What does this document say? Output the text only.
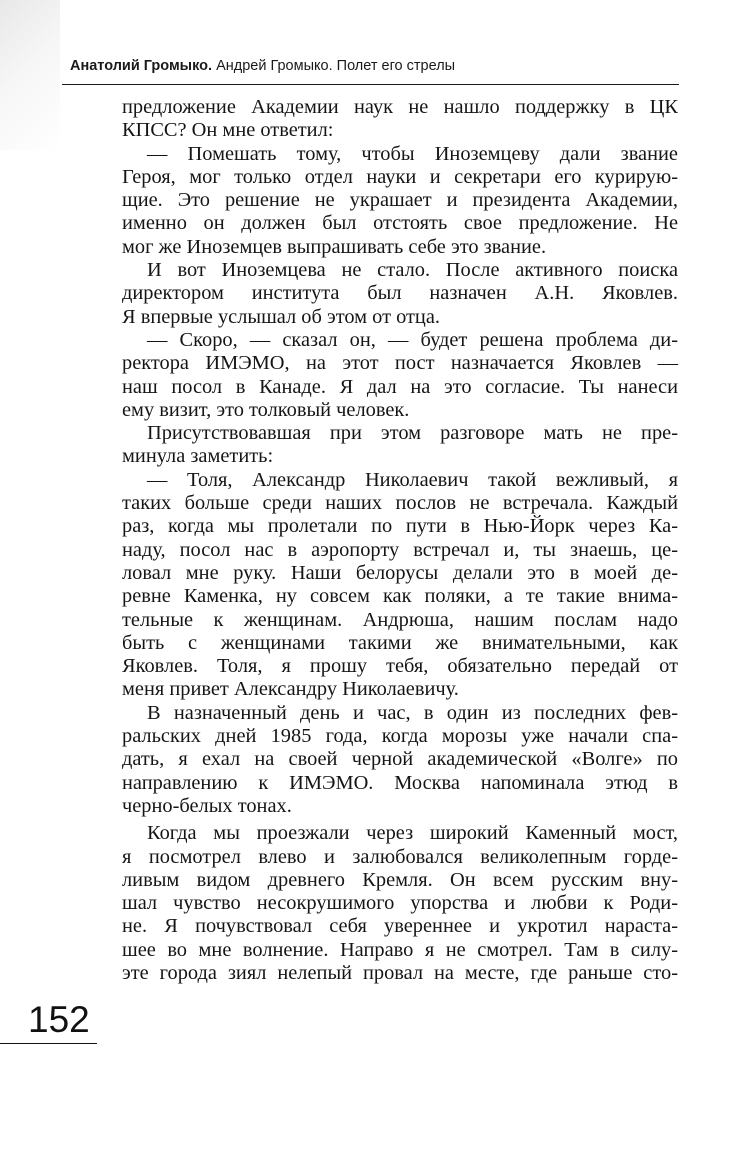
Анатолий Громыко. Андрей Громыко. Полет его стрелы
предложение Академии наук не нашло поддержку в ЦК
КПСС? Он мне ответил:
— Помешать тому, чтобы Иноземцеву дали звание
Героя, мог только отдел науки и секретари его курирую-
щие. Это решение не украшает и президента Академии,
именно он должен был отстоять свое предложение. Не
мог же Иноземцев выпрашивать себе это звание.
И вот Иноземцева не стало. После активного поиска
директором института был назначен А.Н. Яковлев.
Я впервые услышал об этом от отца.
— Скоро, — сказал он, — будет решена проблема ди-
ректора ИМЭМО, на этот пост назначается Яковлев —
наш посол в Канаде. Я дал на это согласие. Ты нанеси
ему визит, это толковый человек.
Присутствовавшая при этом разговоре мать не пре-
минула заметить:
— Толя, Александр Николаевич такой вежливый, я
таких больше среди наших послов не встречала. Каждый
раз, когда мы пролетали по пути в Нью-Йорк через Ка-
наду, посол нас в аэропорту встречал и, ты знаешь, це-
ловал мне руку. Наши белорусы делали это в моей де-
ревне Каменка, ну совсем как поляки, а те такие внима-
тельные к женщинам. Андрюша, нашим послам надо
быть с женщинами такими же внимательными, как
Яковлев. Толя, я прошу тебя, обязательно передай от
меня привет Александру Николаевичу.
В назначенный день и час, в один из последних фев-
ральских дней 1985 года, когда морозы уже начали спа-
дать, я ехал на своей черной академической «Волге» по
направлению к ИМЭМО. Москва напоминала этюд в
черно-белых тонах.
Когда мы проезжали через широкий Каменный мост,
я посмотрел влево и залюбовался великолепным горде-
ливым видом древнего Кремля. Он всем русским вну-
шал чувство несокрушимого упорства и любви к Роди-
не. Я почувствовал себя увереннее и укротил нараста-
шее во мне волнение. Направо я не смотрел. Там в силу-
эте города зиял нелепый провал на месте, где раньше сто-
152
